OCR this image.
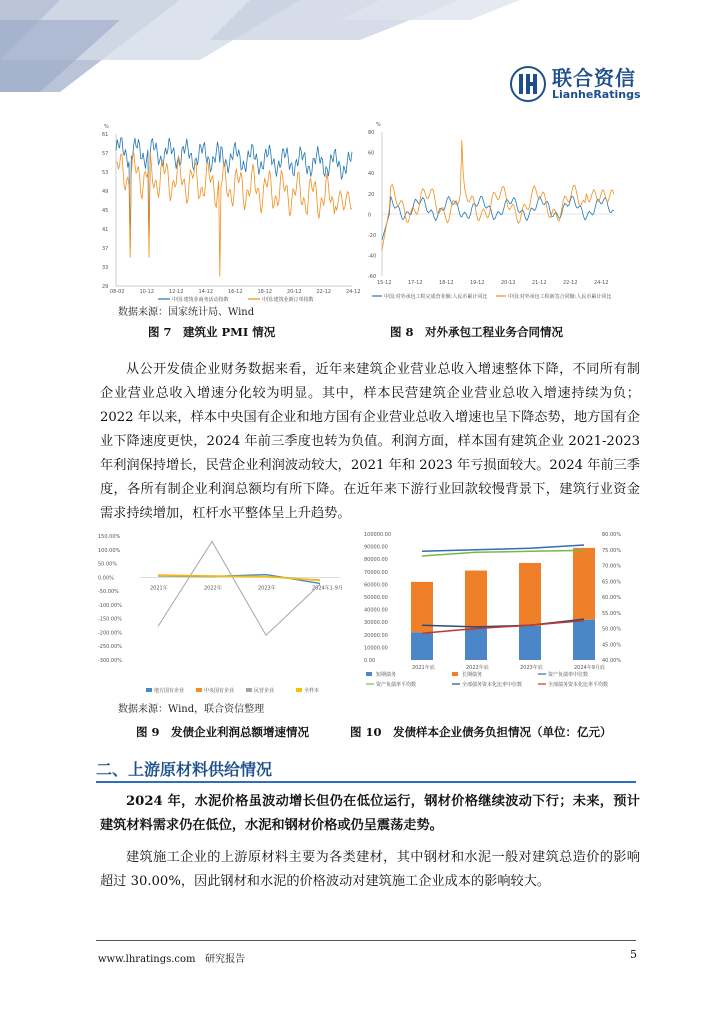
联合资信
LianheRatings
%
61
57
53
49
45
41
37
33
29
08-02	10-12	12-12	14-12	16-12	18-12	20-12	22-12	24-12
中国:建筑业商务活动指数	中国:建筑业新订单指数
数据来源：国家统计局、Wind
%
80
60
40
20
0
-20
-40
-60
15-12	17-12	18-12	19-12	20-12	21-12	22-12	24-12
中国:对外承包工程完成营业额:人民币累计同比	中国:对外承包工程新签合同额:人民币累计同比
图 7　建筑业 PMI 情况	图 8　对外承包工程业务合同情况

从公开发债企业财务数据来看，近年来建筑企业营业总收入增速整体下降，不同所有制企业营业总收入增速分化较为明显。其中，样本民营建筑企业营业总收入增速持续为负；2022 年以来，样本中央国有企业和地方国有企业营业总收入增速也呈下降态势，地方国有企业下降速度更快，2024 年前三季度也转为负值。利润方面，样本国有建筑企业 2021-2023 年利润保持增长，民营企业利润波动较大，2021 年和 2023 年亏损面较大。2024 年前三季度，各所有制企业利润总额均有所下降。在近年来下游行业回款较慢背景下，建筑行业资金需求持续增加，杠杆水平整体呈上升趋势。

150.00%
100.00%
50.00%
0.00%
-50.00%
-100.00%
-150.00%
-200.00%
-250.00%
-300.00%
2021年	2022年	2023年	2024年1-9月
地方国有企业	中央国有企业	民营企业	全样本
100000.00
90000.00
80000.00
70000.00
60000.00
50000.00
40000.00
30000.00
20000.00
10000.00
0.00
80.00%
75.00%
70.00%
65.00%
60.00%
55.00%
50.00%
45.00%
40.00%
2021年底	2022年底	2023年底	2024年9月底
短期债务	长期债务	资产负债率中位数
资产负债率平均数	全部债务资本化比率中位数	全部债务资本化比率平均数
数据来源：Wind，联合资信整理
图 9　发债企业利润总额增速情况	图 10　发债样本企业债务负担情况（单位：亿元）
二、上游原材料供给情况

2024 年，水泥价格虽波动增长但仍在低位运行，钢材价格继续波动下行；未来，预计建筑材料需求仍在低位，水泥和钢材价格或仍呈震荡走势。

建筑施工企业的上游原材料主要为各类建材，其中钢材和水泥一般对建筑总造价的影响超过 30.00%，因此钢材和水泥的价格波动对建筑施工企业成本的影响较大。

www.lhratings.com 研究报告	5
